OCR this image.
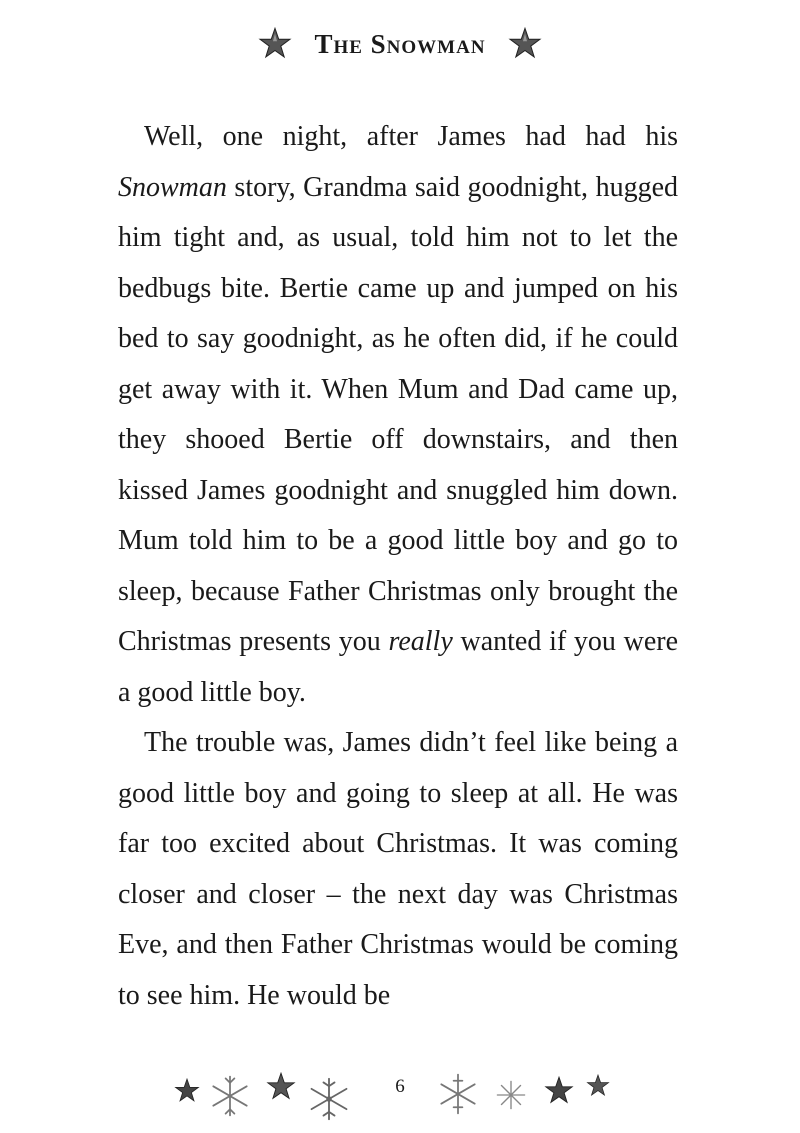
The Snowman

Well, one night, after James had had his Snowman story, Grandma said goodnight, hugged him tight and, as usual, told him not to let the bedbugs bite. Bertie came up and jumped on his bed to say goodnight, as he often did, if he could get away with it. When Mum and Dad came up, they shooed Bertie off downstairs, and then kissed James goodnight and snuggled him down. Mum told him to be a good little boy and go to sleep, because Father Christmas only brought the Christmas presents you really wanted if you were a good little boy.

The trouble was, James didn’t feel like being a good little boy and going to sleep at all. He was far too excited about Christmas. It was coming closer and closer – the next day was Christmas Eve, and then Father Christmas would be coming to see him. He would be

6
